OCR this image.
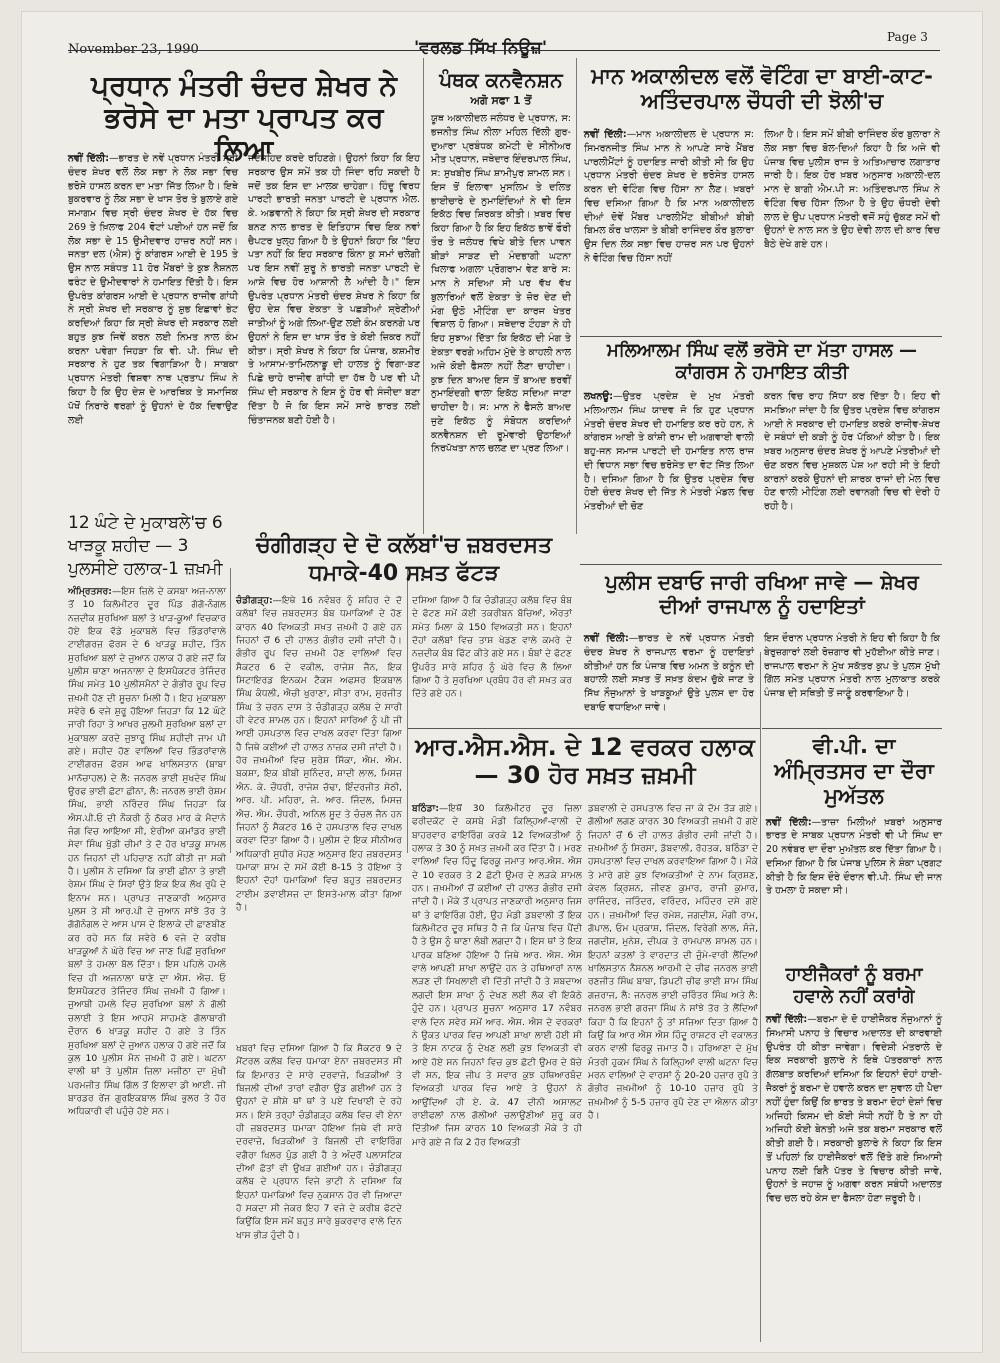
November 23, 1990	'ਵਰਲਡ ਸਿੱਖ ਨਿਊਜ਼'
Page 3
ਪ੍ਰਧਾਨ ਮੰਤਰੀ ਚੰਦਰ ਸ਼ੇਖਰ ਨੇ ਭਰੋਸੇ ਦਾ ਮਤਾ ਪ੍ਰਾਪਤ ਕਰ ਲਿਆ

ਨਵੀਂ ਦਿੱਲੀ:—ਭਾਰਤ ਦੇ ਨਵੇਂ ਪ੍ਰਧਾਨ ਮੰਤਰੀ ਸ੍ਰੀ ਚੰਦਰ ਸ਼ੇਖਰ ਵਲੋਂ ਲੋਕ ਸਭਾ ਨੇ ਲੋਕ ਸਭਾ ਵਿਚ ਭਰੋਸੇ ਹਾਸਲ ਕਰਨ ਦਾ ਮਤਾ ਜਿੱਤ ਲਿਆ ਹੈ। ਇਥੇ ਬੁਕਰਵਾਰ ਨੂੰ ਲੋਕ ਸਭਾ ਦੇ ਖਾਸ ਤੋਰ ਤੇ ਬੁਲਾਏ ਗਏ ਸਮਾਗਮ ਵਿਚ ਸ੍ਰੀ ਚੰਦਰ ਸ਼ੇਖਰ ਦੇ ਹੱਕ ਵਿਚ 269 ਤੇ ਖ਼ਿਲਾਫ 204 ਵੋਟਾਂ ਪਈਆਂ ਹਨ ਜਦੋਂ ਕਿ ਲੋਕ ਸਭਾ ਦੇ 15 ਉਮੀਦਵਾਰ ਹਾਜ਼ਰ ਨਹੀਂ ਸਨ। ਜਨਤਾ ਦਲ (ਐਸ) ਨੂੰ ਕਾਂਗਰਸ ਆਈ ਦੇ 195 ਤੇ ਉਸ ਨਾਲ ਸਬੰਧਤ 11 ਹੋਰ ਮੈਂਬਰਾਂ ਤੇ ਕੁਝ ਨੈਸ਼ਨਲ ਫਰੰਟ ਦੇ ਉਮੀਦਵਾਰਾਂ ਨੇ ਹਮਾਇਤ ਦਿੱਤੀ ਹੈ। ਇਸ ਉਪਰੰਤ ਕਾਂਗਰਸ ਆਈ ਦੇ ਪ੍ਰਧਾਨ ਰਾਜੀਵ ਗਾਂਧੀ ਨੇ ਸ੍ਰੀ ਸ਼ੇਖਰ ਦੀ ਸਰਕਾਰ ਨੂੰ ਸ਼ੁਭ ਇਛਾਵਾਂ ਭੇਟ ਕਰਦਿਆਂ ਕਿਹਾ ਕਿ ਸ੍ਰੀ ਸ਼ੇਖਰ ਦੀ ਸਰਕਾਰ ਲਈ ਬਹੁਤ ਕੁਝ ਜਿਵੇਂ ਕਰਨ ਲਈ ਨਿਮਤ ਨਾਲ ਕੰਮ ਕਰਨਾ ਪਵੇਗਾ ਜਿਹੜਾ ਕਿ ਵੀ. ਪੀ. ਸਿੰਘ ਦੀ ਸਰਕਾਰ ਨੇ ਹੁਣ ਤਕ ਵਿਗਾੜਿਆ ਹੈ। ਸਾਬਕਾ ਪ੍ਰਧਾਨ ਮੰਤਰੀ ਵਿਸ਼ਵਾ ਨਾਥ ਪ੍ਰਤਾਪ ਸਿੰਘ ਨੇ ਕਿਹਾ ਹੈ ਕਿ ਉਹ ਦੇਸ਼ ਦੇ ਆਰਥਿਕ ਤੇ ਸਮਾਜਿਕ ਪੱਖੋਂ ਨਿਰਾਰੇ ਵਰਗਾਂ ਨੂੰ ਉਹਨਾਂ ਦੇ ਹੱਕ ਦਿਵਾਉਣ ਲਈ

ਜਦੋਜਹਿਦ ਕਰਦੇ ਰਹਿਣਗੇ। ਉਹਨਾਂ ਕਿਹਾ ਕਿ ਇਹ ਸਰਕਾਰ ਉਸ ਸਮੇਂ ਤਕ ਹੀ ਜਿੰਦਾ ਰਹਿ ਸਕਦੀ ਹੈ ਜਦੋਂ ਤਕ ਇਸ ਦਾ ਮਾਲਕ ਚਾਹੇਗਾ। ਹਿੰਦੂ ਵਿਰਧ ਪਾਰਟੀ ਭਾਰਤੀ ਜਨਤਾ ਪਾਰਟੀ ਦੇ ਪ੍ਰਧਾਨ ਐਲ. ਕੇ. ਅਡਵਾਨੀ ਨੇ ਕਿਹਾ ਕਿ ਸ੍ਰੀ ਸ਼ੇਖਰ ਦੀ ਸਰਕਾਰ ਬਨਣ ਨਾਲ ਭਾਰਤ ਦੇ ਇਤਿਹਾਸ ਵਿਚ ਇਕ ਨਵਾਂ ਚੈਪਟਰ ਖੁਲ੍ਹ ਗਿਆ ਹੈ ਤੇ ਉਹਨਾਂ ਕਿਹਾ ਕਿ "ਇਹ ਪਤਾ ਨਹੀਂ ਕਿ ਇਹ ਸਰਕਾਰ ਕਿੰਨਾ ਕੁ ਸਮਾਂ ਚਲੇਗੀ ਪਰ ਇਸ ਨਵੀਂ ਸ਼ੁਰੂ ਨੇ ਭਾਰਤੀ ਜਨਤਾ ਪਾਰਟੀ ਦੇ ਆਸ਼ੇ ਵਿਚ ਹੋਰ ਆਸ਼ਾਨੀ ਲੈ ਆਂਦੀ ਹੈ।" ਇਸ ਉਪਰੰਤ ਪ੍ਰਧਾਨ ਮੰਤਰੀ ਚੰਦਰ ਸ਼ੇਖਰ ਨੇ ਕਿਹਾ ਕਿ ਉਹ ਦੇਸ਼ ਵਿਚ ਏਕਤਾ ਤੇ ਪਛੜੀਆਂ ਸ਼੍ਰੇਣੀਆਂ ਜਾਤੀਆਂ ਨੂੰ ਅਗੇ ਲਿਆ-ਉਣ ਲਈ ਕੰਮ ਕਰਨਗੇ ਪਰ ਉਹਨਾਂ ਨੇ ਇਸ ਦਾ ਖਾਸ ਤੌਰ ਤੇ ਕੋਈ ਜ਼ਿਕਰ ਨਹੀਂ ਕੀਤਾ। ਸ੍ਰੀ ਸ਼ੇਖਰ ਨੇ ਕਿਹਾ ਕਿ ਪੰਜਾਬ, ਕਸ਼ਮੀਰ ਤੇ ਆਸਾਮ-ਤਾਮਿਲਨਾਡੂ ਦੀ ਹਾਲਤ ਨੂੰ ਵਿਗਾ-ੜਣ ਪਿਛੇ ਚਾਹੇ ਰਾਜੀਵ ਗਾਂਧੀ ਦਾ ਹੱਥ ਹੈ ਪਰ ਵੀ ਪੀ ਸਿੰਘ ਦੀ ਸਰਕਾਰ ਨੇ ਇਸ ਨੂੰ ਹੋਰ ਵੀ ਸੰਜੀਦਾ ਬਣਾ ਦਿੱਤਾ ਹੈ ਜੋ ਕਿ ਇਸ ਸਮੇਂ ਸਾਰੇ ਭਾਰਤ ਲਈ ਚਿੰਤਾਜਨਕ ਬਣੀ ਹੋਈ ਹੈ।

ਪੰਥਕ ਕਨਵੈਨਸ਼ਨ
ਅਗੋ ਸਫਾ 1 ਤੋਂ

ਯੂਥ ਅਕਾਲੀਦਲ ਜਲੰਧਰ ਦੇ ਪ੍ਰਧਾਨ, ਸ: ਭਜਨੀਤ ਸਿੰਘ ਨੀਲਾ ਮਹਿਲ ਦਿੱਲੀ ਗੁਰ-ਦੁਆਰਾ ਪ੍ਰਬੰਧਕ ਕਮੇਟੀ ਦੇ ਸੀਨੀਅਰ ਮੀਤ ਪ੍ਰਧਾਨ, ਜਥੇਦਾਰ ਇੰਦਰਪਾਲ ਸਿੰਘ, ਸ: ਸੁਖਬੀਰ ਸਿੰਘ ਸ਼ਾਮੀਪੁਰ ਸ਼ਾਮਲ ਸਨ। ਇਸ ਤੋਂ ਇਲਾਵਾ ਮੁਸਲਿਮ ਤੇ ਦਲਿਤ ਭਾਈਚਾਰੇ ਦੇ ਨੁਮਾਇੰਦਿਆਂ ਨੇ ਵੀ ਇਸ ਇਕੱਠ ਵਿਚ ਸ਼ਿਰਕਤ ਕੀਤੀ। ਖ਼ਬਰ ਵਿਚ ਕਿਹਾ ਗਿਆ ਹੈ ਕਿ ਇਹ ਇਕੱਠ ਭਾਵੇਂ ਫੌਰੀ ਤੌਰ ਤੇ ਜਲੰਧਰ ਵਿਖੇ ਬੀਤੇ ਦਿਨ ਪਾਵਨ ਬੀੜਾਂ ਸਾੜਣ ਦੀ ਮੰਦਭਾਗੀ ਘਟਨਾ ਖਿਲਾਫ ਅਗਲਾ ਪ੍ਰੋਗਰਾਮ ਵੇਣ ਬਾਰੇ ਸ: ਮਾਨ ਨੇ ਸਦਿਆ ਸੀ ਪਰ ਵੱਖ ਵੱਖ ਬੁਲਾਰਿਆਂ ਵਲੋਂ ਏਕਤਾ ਤੇ ਜ਼ੋਰ ਦੇਣ ਦੀ ਮੰਗ ਉਠੋ ਮੀਟਿੰਗ ਦਾ ਕਾਰਜ ਖੇਤਰ ਵਿਸ਼ਾਲ ਹੋ ਗਿਆ। ਸਥੇਦਾਰ ਟੌਹੜਾ ਨੇ ਹੀ ਇਹ ਸੁਝਾਅ ਦਿੱਤਾ ਕਿ ਇਕੱਠ ਦੀ ਮੰਗ ਤੇ ਏਕਤਾ ਵਰਗੇ ਅਹਿਮ ਮੁੱਦੇ ਤੇ ਕਾਹਲੀ ਨਾਲ ਅਜੇ ਕੋਈ ਫੈਸਲਾ ਨਹੀਂ ਲੈਣਾ ਚਾਹੀਦਾ। ਕੁਝ ਦਿਨ ਬਾਅਦ ਇਸ ਤੋਂ ਬਾਅਦ ਭਰਵੀਂ ਨੁਮਾਇੰਦਗੀ ਵਾਲਾ ਇਕੱਠ ਸਦਿਆ ਜਾਣਾ ਚਾਹੀਦਾ ਹੈ। ਸ: ਮਾਨ ਨੇ ਫੈਸਲੇ ਬਾਅਦ ਜੁਣੇ ਇਕੱਠ ਨੂੰ ਸੰਬੋਧਨ ਕਰਦਿਆਂ ਕਨਵੈਨਸ਼ਨ ਦੀ ਰੂਮੇਵਾਰੀ ਉਠਾਇਆਂ ਨਿਰਪੱਖਤਾ ਨਾਲ ਚਲਣ ਦਾ ਪ੍ਰਣ ਲਿਆ।

ਮਾਨ ਅਕਾਲੀਦਲ ਵਲੋਂ ਵੋਟਿੰਗ ਦਾ ਬਾਈ-ਕਾਟ-ਅਤਿੰਦਰਪਾਲ ਚੌਧਰੀ ਦੀ ਝੋਲੀ'ਚ

ਨਵੀਂ ਦਿੱਲੀ:—ਮਾਨ ਅਕਾਲੀਦਲ ਦੇ ਪ੍ਰਧਾਨ ਸ: ਸਿਮਰਨਜੀਤ ਸਿੰਘ ਮਾਨ ਨੇ ਆਪਣੇ ਸਾਰੇ ਮੈਂਬਰ ਪਾਰਲੀਮੈਂਟਾਂ ਨੂੰ ਹਦਾਇਤ ਜਾਰੀ ਕੀਤੀ ਸੀ ਕਿ ਉਹ ਪ੍ਰਧਾਨ ਮੰਤਰੀ ਚੰਦਰ ਸ਼ੇਖਰ ਦੇ ਭਰੋਸੇਤ ਹਾਸਲ ਕਰਨ ਦੀ ਵੋਟਿੰਗ ਵਿਚ ਹਿੱਸਾ ਨਾ ਲੈਣ। ਖ਼ਬਰਾਂ ਵਿਚ ਦਸਿਆ ਗਿਆ ਹੈ ਕਿ ਮਾਨ ਅਕਾਲੀਦਲ ਦੀਆਂ ਦੋਵੇਂ ਮੈਂਬਰ ਪਾਰਲੀਮੈਂਟ ਬੀਬੀਆਂ ਬੀਬੀ ਬਿਮਲ ਕੌਰ ਖਾਲਸਾ ਤੇ ਬੀਬੀ ਰਾਜਿੰਦਰ ਕੌਰ ਬੁਲਾਰਾ ਉਸ ਦਿਨ ਲੋਕ ਸਭਾ ਵਿਚ ਹਾਜ਼ਰ ਸਨ ਪਰ ਉਹਨਾਂ ਨੇ ਵੋਟਿੰਗ ਵਿਚ ਹਿੱਸਾ ਨਹੀਂ

ਲਿਆ ਹੈ। ਇਸ ਸਮੇਂ ਬੀਬੀ ਰਾਜਿੰਦਰ ਕੌਰ ਬੁਲਾਰਾ ਨੇ ਲੋਕ ਸਭਾ ਵਿਚ ਬੋਲ-ਦਿਆਂ ਕਿਹਾ ਹੈ ਕਿ ਅਜੇ ਵੀ ਪੰਜਾਬ ਵਿਚ ਪੁਲੀਸ ਰਾਜ ਤੇ ਅਤਿਆਚਾਰ ਲਗਾਤਾਰ ਜਾਰੀ ਹੈ। ਇਕ ਹੋਰ ਖ਼ਬਰ ਅਨੁਸਾਰ ਅਕਾਲੀ-ਦਲ ਮਾਨ ਦੇ ਬਾਗੀ ਐਮ.ਪੀ ਸ: ਅਤਿੰਦਰਪਾਲ ਸਿੰਘ ਨੇ ਵੋਟਿੰਗ ਵਿਚ ਹਿੱਸਾ ਲਿਆ ਹੈ ਤੇ ਉਹ ਚੌਧਰੀ ਦੇਵੀ ਲਾਲ ਦੇ ਉਪ ਪ੍ਰਧਾਨ ਮੰਤਰੀ ਵਜੋਂ ਸਹੁੰ ਚੁੱਕਣ ਸਮੇਂ ਵੀ ਉਹਨਾਂ ਦੇ ਨਾਲ ਸਨ ਤੇ ਉਹ ਦੇਵੀ ਲਾਲ ਦੀ ਕਾਰ ਵਿਚ ਬੈਠੇ ਦੇਖੇ ਗਏ ਹਨ।

ਮਲਿਆਲਮ ਸਿੰਘ ਵਲੋਂ ਭਰੋਸੇ ਦਾ ਮੱਤਾ ਹਾਸਲ — ਕਾਂਗਰਸ ਨੇ ਹਮਾਇਤ ਕੀਤੀ

ਲਖਨਊ:—ਉਤਰ ਪ੍ਰਦੇਸ਼ ਦੇ ਮੁਖ ਮੰਤਰੀ ਮਲਿਆਲਮ ਸਿੰਘ ਯਾਦਵ ਜੋ ਕਿ ਹੁਣ ਪ੍ਰਧਾਨ ਮੰਤਰੀ ਚੰਦਰ ਸ਼ੇਖਰ ਦੀ ਹਮਾਇਤ ਕਰ ਰਹੇ ਹਨ, ਨੇ ਕਾਂਗਰਸ ਆਈ ਤੇ ਕਾਂਸ਼ੀ ਰਾਮ ਦੀ ਅਗਵਾਈ ਵਾਲੀ ਬਹੁ-ਜਨ ਸਮਾਜ ਪਾਰਟੀ ਦੀ ਹਮਾਇਤ ਨਾਲ ਰਾਜ ਦੀ ਵਿਧਾਨ ਸਭਾ ਵਿਚ ਭਰੋਸੇਤ ਦਾ ਵੋਟ ਜਿੱਤ ਲਿਆ ਹੈ। ਦਸਿਆ ਗਿਆ ਹੈ ਕਿ ਉਤਰ ਪ੍ਰਦੇਸ਼ ਵਿਚ ਹੋਈ ਚੰਦਰ ਸ਼ੇਖਰ ਦੀ ਜਿੱਤ ਨੇ ਮੰਤਰੀ ਮੰਡਲ ਵਿਚ ਮੰਤਰੀਆਂ ਦੀ ਚੋਣ

ਕਰਨ ਵਿਚ ਰਾਹ ਸਿੱਧਾ ਕਰ ਦਿੱਤਾ ਹੈ। ਇਹ ਵੀ ਸਮਝਿਆ ਜਾਂਦਾ ਹੈ ਕਿ ਉਤਰ ਪ੍ਰਦੇਸ਼ ਵਿਚ ਕਾਂਗਰਸ ਆਈ ਨੇ ਸਰਕਾਰ ਦੀ ਹਮਾਇਤ ਕਰਕੇ ਰਾਜੀਵ-ਸ਼ੇਖਰ ਦੇ ਸਬੰਧਾਂ ਦੀ ਕੜੀ ਨੂੰ ਹੋਰ ਪੱਕਿਆਂ ਕੀਤਾ ਹੈ। ਇਕ ਖ਼ਬਰ ਅਨੁਸਾਰ ਚੰਦਰ ਸ਼ੇਖਰ ਨੂੰ ਆਪਣੇ ਮੰਤਰੀਆਂ ਦੀ ਚੋਣ ਕਰਨ ਵਿਚ ਮੁਸ਼ਕਲ ਪੇਸ਼ ਆ ਰਹੀ ਸੀ ਤੇ ਇਹੀ ਕਾਰਨਾਂ ਕਰਕੇ ਉਹਨਾਂ ਦੀ ਸ਼ਾਰਕ ਰਾਜਾਂ ਦੀ ਮੇਲ ਵਿਚ ਹੋਣ ਵਾਲੀ ਮੀਟਿੰਗ ਲਈ ਰਵਾਨਗੀ ਵਿਚ ਵੀ ਦੇਰੀ ਹੋ ਰਹੀ ਹੈ।

ਪੁਲੀਸ ਦਬਾਓ ਜਾਰੀ ਰਖਿਆ ਜਾਵੇ — ਸ਼ੇਖਰ ਦੀਆਂ ਰਾਜਪਾਲ ਨੂੰ ਹਦਾਇਤਾਂ

ਨਵੀਂ ਦਿੱਲੀ:—ਭਾਰਤ ਦੇ ਨਵੇਂ ਪ੍ਰਧਾਨ ਮੰਤਰੀ ਚੰਦਰ ਸ਼ੇਖਰ ਨੇ ਰਾਜਪਾਲ ਵਰਮਾ ਨੂੰ ਹਦਾਇਤਾਂ ਕੀਤੀਆਂ ਹਨ ਕਿ ਪੰਜਾਬ ਵਿਚ ਅਮਨ ਤੇ ਕਨੂੰਨ ਦੀ ਬਹਾਲੀ ਲਈ ਸਖ਼ਤ ਤੋਂ ਸਖ਼ਤ ਕੰਦਮ ਚੁੱਕੇ ਜਾਣ ਤੇ ਸਿੱਖ ਨੌਜੁਆਨਾਂ ਤੇ ਖਾੜਕੂਆਂ ਉਤੇ ਪੁਲਸ ਦਾ ਹੋਰ ਦਬਾਓ ਵਧਾਇਆ ਜਾਵੇ।

ਇਸ ਦੌਰਾਨ ਪ੍ਰਧਾਨ ਮੰਤਰੀ ਨੇ ਇਹ ਵੀ ਕਿਹਾ ਹੈ ਕਿ ਬੇਰੁਜ਼ਗਾਰਾਂ ਲਈ ਰੋਜ਼ਗਾਰ ਵੀ ਮੁਹੱਈਆ ਕੀਤੇ ਜਾਣ। ਰਾਜਪਾਲ ਵਰਮਾ ਨੇ ਮੁੱਖ ਸਕੱਤਰ ਕੁਪ ਤੇ ਪੁਲਸ ਮੁੱਖੀ ਗਿੱਲ ਸਮੇਤ ਪ੍ਰਧਾਨ ਮੰਤਰੀ ਨਾਲ ਮੁਲਾਕਾਤ ਕਰਕੇ ਪੰਜਾਬ ਦੀ ਸਥਿਤੀ ਤੋਂ ਜਾਣੂੰ ਕਰਵਾਇਆ ਹੈ।

12 ਘੰਟੇ ਦੇ ਮੁਕਾਬਲੇ'ਚ 6 ਖਾੜਕੂ ਸ਼ਹੀਦ — 3 ਪੁਲਸੀਏ ਹਲਾਕ-1 ਜ਼ਖ਼ਮੀ

ਅੰਮ੍ਰਿਤਸਰ:—ਇਸ ਜ਼ਿਲੇ ਦੇ ਕਸਬਾ ਅਜ-ਨਾਲਾ ਤੋਂ 10 ਕਿਲੋਮੀਟਰ ਦੂਰ ਪਿੰਡ ਗੱਗੋ-ਨੰਗਲ ਨਜ਼ਦੀਕ ਸੁਰਖਿਆ ਬਲਾਂ ਤੇ ਖਾੜ-ਕੂਆਂ ਵਿਚਕਾਰ ਹੋਏ ਇਕ ਵੱਡੇ ਮੁਕਾਬਲੇ ਵਿਚ ਭਿੰਡਰਾਂਵਾਲੇ ਟਾਈਗਰਜ਼ ਫੋਰਸ ਦੇ 6 ਖਾੜਕੂ ਸ਼ਹੀਦ, ਤਿੰਨ ਸੁਰਖਿਆ ਬਲਾਂ ਦੇ ਜੁਆਨ ਹਲਾਕ ਹੋ ਗਏ ਜਦੋਂ ਕਿ ਪੁਲੀਸ ਥਾਣਾ ਅਜਨਾਲਾ ਦੇ ਇਸਪੈਕਟਰ ਤੇਜਿੰਦਰ ਸਿੰਘ ਸਮੇਤ 10 ਪੁਲੀਸਮੈਨਾਂ ਦੇ ਗੰਭੀਰ ਰੂਪ ਵਿਚ ਜ਼ਖ਼ਮੀ ਹੋਣ ਦੀ ਸੂਚਨਾ ਮਿਲੀ ਹੈ। ਇਹ ਮੁਕਾਬਲਾ ਸਵੇਰੇ 6 ਵਜੇ ਸ਼ੁਰੂ ਹੋਇਆ ਜਿਹੜਾ ਕਿ 12 ਘੰਟੇ ਜਾਰੀ ਰਿਹਾ ਤੇ ਆਖਰ ਜ਼ੁਲਮੀ ਸੁਰਖਿਆ ਬਲਾਂ ਦਾ ਮੁਕਾਬਲਾ ਕਰਦੇ ਜੁਝਾਰੂ ਸਿੰਘ ਸ਼ਹੀਦੀ ਜਾਮ ਪੀ ਗਏ। ਸ਼ਹੀਦ ਹੋਣ ਵਾਲਿਆਂ ਵਿਚ ਭਿੰਡਰਾਂਵਾਲੇ ਟਾਈਗਰਜ਼ ਫੋਰਸ ਆਫ ਖਾਲਿਸਤਾਨ (ਬਾਬਾ ਮਾਨੋਚਾਹਲ) ਦੇ ਲੈ: ਜਨਰਲ ਭਾਈ ਸੁਖਦੇਵ ਸਿੰਘ ਉਰਫ ਭਾਈ ਛੋਟਾ ਛੀਨਾ, ਲੈ: ਜਨਰਲ ਭਾਈ ਰੇਸ਼ਮ ਸਿੰਘ, ਭਾਈ ਨਰਿੰਦਰ ਸਿੰਘ ਜਿਹੜਾ ਕਿ ਐਸ.ਪੀ.ਓ ਦੀ ਨੌਕਰੀ ਨੂੰ ਠੋਕਰ ਮਾਰ ਕੇ ਮੈਦਾਨੇ ਜੰਗ ਵਿਚ ਆਇਆ ਸੀ, ਏਰੀਆ ਕਮਾਂਡਰ ਭਾਈ ਸੇਵਾ ਸਿੰਘ ਖੁੱਡੀ ਚੀਮਾਂ ਤੇ ਦੋ ਹੋਰ ਖਾੜਕੂ ਸ਼ਾਮਲ ਹਨ ਜਿਹਨਾਂ ਦੀ ਪਹਿਚਾਣ ਨਹੀਂ ਕੀਤੀ ਜਾ ਸਕੀ ਹੈ। ਪੁਲੀਸ ਨੇ ਦਸਿਆ ਕਿ ਭਾਈ ਛੀਨਾ ਤੇ ਭਾਈ ਰੇਸ਼ਮ ਸਿੰਘ ਦੇ ਸਿਰਾਂ ਉਤੇ ਇਕ ਇਕ ਲੱਖ ਰੁਪੈ ਦੇ ਇਨਾਮ ਸਨ। ਪ੍ਰਾਪਤ ਜਾਣਕਾਰੀ ਅਨੁਸਾਰ ਪੁਲਸ ਤੇ ਸੀ ਆਰ.ਪੀ ਦੇ ਜੁਆਨ ਸਾਂਝੇ ਤੋਰ ਤੇ ਗੱਗੋਨੰਗਲ ਦੇ ਆਸ ਪਾਸ ਦੇ ਇਲਾਕੇ ਦੀ ਛਾਣਬੀਣ ਕਰ ਰਹੇ ਸਨ ਕਿ ਸਵੇਰੇ 6 ਵਜੇ ਦੇ ਕਰੀਬ ਖਾੜਕੂਆਂ ਨੇ ਘੇਰੇ ਵਿਚ ਆ ਜਾਣ ਪਿਛੋਂ ਸੁਰਖਿਆ ਬਲਾਂ ਤੇ ਹਮਲਾ ਬੋਲ ਦਿੱਤਾ। ਇਸ ਪਹਿਲੇ ਹਮਲੇ ਵਿਚ ਹੀ ਅਜਨਾਲਾ ਥਾਣੇ ਦਾ ਐਸ. ਐਚ. ਓ ਇਸਪੈਕਟਰ ਤੇਜਿੰਦਰ ਸਿੰਘ ਜ਼ਖ਼ਮੀ ਹੋ ਗਿਆ। ਜੁਆਬੀ ਹਮਲੇ ਵਿਚ ਸੁਰਖਿਆ ਬਲਾਂ ਨੇ ਗੋਲੀ ਚਲਾਈ ਤੇ ਇਸ ਆਹਮੋ ਸਾਹਮਣੇ ਗੋਲਾਬਾਰੀ ਦੌਰਾਨ 6 ਖਾੜਕੂ ਸ਼ਹੀਦ ਹੋ ਗਏ ਤੇ ਤਿੰਨ ਸੁਰਖਿਆ ਬਲਾਂ ਦੇ ਜੁਆਨ ਹਲਾਕ ਹੋ ਗਏ ਜਦੋਂ ਕਿ ਕੁਲ 10 ਪੁਲੀਸ ਮੈਨ ਜ਼ਖ਼ਮੀ ਹੋ ਗਏ। ਘਟਨਾ ਵਾਲੀ ਥਾਂ ਤੇ ਪੁਲੀਸ ਜ਼ਿਲਾ ਮਜੀਠਾ ਦਾ ਮੁੱਖੀ ਪਰਮਜੀਤ ਸਿੰਘ ਗਿੱਲ ਤੋਂ ਇਲਾਵਾ ਡੀ ਆਈ. ਜੀ ਬਾਰਡਰ ਰੇਂਜ ਗੁਰਇਕਬਾਲ ਸਿੰਘ ਭੁਲਰ ਤੇ ਹੋਰ ਅਧਿਕਾਰੀ ਵੀ ਪਹੁੰਚੇ ਹੋਏ ਸਨ।

ਚੰਗੀਗੜ੍ਹ ਦੇ ਦੋ ਕਲੱਬਾਂ'ਚ ਜ਼ਬਰਦਸਤ ਧਮਾਕੇ-40 ਸਖ਼ਤ ਫੱਟੜ

ਚੰਡੀਗੜ੍ਹ:—ਇਥੇ 16 ਨਵੰਬਰ ਨੂੰ ਸ਼ਹਿਰ ਦੇ ਦੋ ਕਲੱਬਾਂ ਵਿਚ ਜ਼ਬਰਦਸਤ ਬੰਬ ਧਮਾਕਿਆਂ ਦੇ ਹੋਣ ਕਾਰਨ 40 ਵਿਅਕਤੀ ਸਖ਼ਤ ਜ਼ਖ਼ਮੀ ਹੋ ਗਏ ਹਨ ਜਿਹਨਾਂ ਚੋਂ 6 ਦੀ ਹਾਲਤ ਗੰਭੀਰ ਦਸੀ ਜਾਂਦੀ ਹੈ। ਗੰਭੀਰ ਰੂਪ ਵਿਚ ਜ਼ਖ਼ਮੀ ਹੋਣ ਵਾਲਿਆਂ ਵਿਚ ਸੈਕਟਰ 6 ਦੇ ਵਕੀਲ, ਰਾਜੇਸ਼ ਜੈਨ, ਇਕ ਸਿਟਾਇਰਡ ਇਨਕਮ ਟੈਕਸ ਅਫਸਰ ਇਕਬਾਲ ਸਿੰਘ ਕੰਧਲੀ, ਐਚੀ ਖੁਰਾਣਾ, ਸੀਤਾ ਰਾਮ, ਸੁਰਜੀਤ ਸਿੰਘ ਤੇ ਚਰਨ ਦਾਸ ਤੇ ਚੰਡੀਗੜ੍ਹ ਕਲੱਬ ਦੇ ਸਾਰੀ ਹੀ ਵੇਟਰ ਸ਼ਾਮਲ ਹਨ। ਇਹਨਾਂ ਸਾਰਿਆਂ ਨੂੰ ਪੀ ਜੀ ਆਈ ਹਸਪਤਾਲ ਵਿਚ ਦਾਖਲ ਕਰਵਾ ਦਿੱਤਾ ਗਿਆ ਹੈ ਜਿਥੇ ਕਈਆਂ ਦੀ ਹਾਲਤ ਨਾਜ਼ਕ ਦਸੀ ਜਾਂਦੀ ਹੈ। ਹੋਰ ਜ਼ਖ਼ਮੀਆਂ ਵਿਚ ਸੁਰੇਸ਼ ਸਿੱਕਾ, ਐਮ. ਐਮ. ਬਕਸ਼ਾ, ਇਕ ਬੀਬੀ ਸੁਨਿੰਦਰ, ਸ਼ਾਦੀ ਲਾਲ, ਮਿਸਜ਼ ਐਨ. ਕੇ. ਚੌਧਰੀ, ਰਾਜੇਸ਼ ਚੱਢਾ, ਇੰਦਰਜੀਤ ਸੇਠੀ, ਆਰ. ਪੀ. ਮਹਿਰਾ, ਜੇ. ਆਰ. ਜਿੰਦਲ, ਮਿਸਜ਼ ਐਚ. ਐਮ. ਚੌਧਰੀ, ਅਨਿਲ ਸੂਦ ਤੇ ਚੰਚਲ ਜੈਨ ਹਨ ਜਿਹਨਾਂ ਨੂੰ ਸੈਕਟਰ 16 ਦੇ ਹਸਪਤਾਲ ਵਿਚ ਦਾਖਲ ਕਰਵਾ ਦਿੱਤਾ ਗਿਆ ਹੈ। ਪੁਲੀਸ ਦੇ ਇਕ ਸੀਨੀਅਰ ਅਧਿਕਾਰੀ ਸੁਧੀਰ ਮੋਹਣ ਅਨੁਸਾਰ ਇਹ ਜ਼ਬਰਦਸਤ ਧਮਾਕਾ ਸ਼ਾਮ ਦੇ ਸਮੇਂ ਕੋਈ 8-15 ਤੇ ਹੋਇਆ ਤੇ ਇਹਨਾਂ ਦੋਹਾਂ ਧਮਾਕਿਆਂ ਵਿਚ ਬਹੁਤ ਜ਼ਬਰਦਸਤ ਟਾਈਮ ਡਵਾਈਸਜ਼ ਦਾ ਇਸਤੇ-ਮਾਲ ਕੀਤਾ ਗਿਆ ਹੈ।

ਖਬਰਾਂ ਵਿਚ ਦਸਿਆ ਗਿਆ ਹੈ ਕਿ ਸੈਕਟਰ 9 ਦੇ ਮੈਂਟਰਲ ਕਲੱਬ ਵਿਚ ਧਮਾਕਾ ਏਨਾ ਜ਼ਬਰਦਸਤ ਸੀ ਕਿ ਇਮਾਰਤ ਦੇ ਸਾਰੇ ਦਰਵਾਜ਼ੇ, ਖਿੜਕੀਆਂ ਤੇ ਬਿਜਲੀ ਦੀਆਂ ਤਾਰਾਂ ਵਗੈਰਾ ਉਡ ਗਈਆਂ ਹਨ ਤੇ ਉਹਨਾਂ ਦੇ ਸ਼ੀਸ਼ੇ ਥਾਂ ਥਾਂ ਤੇ ਪਏ ਦਿਖਾਈ ਦੇ ਰਹੇ ਸਨ। ਇਸੇ ਤਰ੍ਹਾਂ ਚੰਡੀਗੜ੍ਹ ਕਲੱਬ ਵਿਚ ਵੀ ਏਨਾ ਹੀ ਜ਼ਬਰਦਸਤ ਧਮਾਕਾ ਹੋਇਆ ਜਿਥੇ ਵੀ ਸਾਰੇ ਦਰਵਾਜ਼ੇ, ਖਿੜਕੀਆਂ ਤੇ ਬਿਜਲੀ ਦੀ ਵਾਇਰਿੰਗ ਵਗੈਰਾ ਖਿਲਰ ਪੁੰਡ ਗਈ ਹੈ ਤੇ ਅੰਦਰੋਂ ਪਲਾਸਟਿਕ ਦੀਆਂ ਛੱਤਾਂ ਵੀ ਉਖੜ ਗਈਆਂ ਹਨ। ਚੰਡੀਗੜ੍ਹ ਕਲੱਬ ਦੇ ਪ੍ਰਧਾਨ ਵਿਜੇ ਭਾਟੀ ਨੇ ਦਸਿਆ ਕਿ ਇਹਨਾਂ ਧਮਾਕਿਆਂ ਵਿਚ ਨੁਕਸਾਨ ਹੋਰ ਵੀ ਜ਼ਿਆਦਾ ਹੋ ਸਕਦਾ ਸੀ ਜੇਕਰ ਇਹ 7 ਵਜੇ ਦੇ ਕਰੀਬ ਫੱਟਦੇ ਕਿਉਂਕਿ ਇਸ ਸਮੇਂ ਬਹੁਤ ਸਾਰੇ ਬੁਕਰਵਾਰ ਵਾਲੇ ਦਿਨ ਖਾਸ ਭੀੜ ਹੁੰਦੀ ਹੈ।

ਦਸਿਆ ਗਿਆ ਹੈ ਕਿ ਚੰਡੀਗੜ੍ਹ ਕਲੱਬ ਵਿਚ ਬੰਬ ਦੇ ਫੱਟਣ ਸਮੇਂ ਕੋਈ ਤਕਰੀਬਨ ਬੱਚਿਆਂ, ਔਰਤਾਂ ਸਮੇਤ ਮਿਲਾ ਕੇ 150 ਵਿਅਕਤੀ ਸਨ। ਇਹਨਾਂ ਦੋਹਾਂ ਕਲੱਬਾਂ ਵਿਚ ਤਾਸ਼ ਖੇਡਣ ਵਾਲੇ ਕਮਰੇ ਦੇ ਨਜ਼ਦੀਕ ਬੰਬ ਫਿੱਟ ਕੀਤੇ ਗਏ ਸਨ। ਬੰਬਾਂ ਦੇ ਫੱਟਣ ਉਪਰੰਤ ਸਾਰੇ ਸ਼ਹਿਰ ਨੂੰ ਘੇਰੇ ਵਿਚ ਲੈ ਲਿਆ ਗਿਆ ਹੈ ਤੇ ਸੁਰਖਿਆ ਪ੍ਰਬੰਧ ਹੋਰ ਵੀ ਸਖ਼ਤ ਕਰ ਦਿੱਤੇ ਗਏ ਹਨ।

ਆਰ.ਐਸ.ਐਸ. ਦੇ 12 ਵਰਕਰ ਹਲਾਕ — 30 ਹੋਰ ਸਖ਼ਤ ਜ਼ਖ਼ਮੀ

ਬਠਿੰਡਾ:—ਇਥੋਂ 30 ਕਿਲੋਮੀਟਰ ਦੂਰ ਜ਼ਿਲਾ ਫਰੀਦਕੋਟ ਦੇ ਕਸਬੇ ਮੰਡੀ ਕਿਲ੍ਹਿਆਂ-ਵਾਲੀ ਦੇ ਬਾਹਰਵਾਰ ਫਾਇਰਿੰਗ ਕਰਕੇ 12 ਵਿਅਕਤੀਆਂ ਨੂੰ ਹਲਾਕ ਤੇ 30 ਨੂੰ ਸਖ਼ਤ ਜ਼ਖ਼ਮੀ ਕਰ ਦਿੱਤਾ ਹੈ। ਮਰਣ ਵਾਲਿਆਂ ਵਿਚ ਹਿੰਦੂ ਫਿਰਕੂ ਜਮਾਤ ਆਰ.ਐਸ. ਐਸ ਦੇ 10 ਵਰਕਰ ਤੇ 2 ਛੋਟੀ ਉਮਰ ਦੇ ਲੜਕੇ ਸ਼ਾਮਲ ਹਨ। ਜ਼ਖ਼ਮੀਆਂ ਚੋਂ ਕਈਆਂ ਦੀ ਹਾਲਤ ਗੰਭੀਰ ਦਸੀ ਜਾਂਦੀ ਹੈ। ਮੌਕੇ ਤੋਂ ਪ੍ਰਾਪਤ ਜਾਣਕਾਰੀ ਅਨੁਸਾਰ ਜਿਸ ਥਾਂ ਤੇ ਫਾਇਰਿੰਗ ਹੋਈ, ਉਹ ਮੰਡੀ ਡਬਵਾਲੀ ਤੋਂ ਇਕ ਕਿਲੋਮੀਟਰ ਦੂਰ ਸਥਿਤ ਹੈ ਜੋ ਕਿ ਪੰਜਾਬ ਵਿਚ ਪੈਂਦੀ ਹੈ ਤੇ ਉਸ ਨੂੰ ਥਾਣਾ ਲੰਬੀ ਲਗਦਾ ਹੈ। ਇਸ ਥਾਂ ਤੇ ਇਕ ਪਾਰਕ ਬਣਿਆ ਹੋਇਆ ਹੈ ਜਿਥੇ ਆਰ. ਐਸ. ਐਸ ਵਾਲੇ ਆਪਣੀ ਸ਼ਾਖਾ ਲਾਉਂਦੇ ਹਨ ਤੇ ਹਥਿਆਰਾਂ ਨਾਲ ਲੜਣ ਦੀ ਸਿਖਲਾਈ ਵੀ ਦਿੱਤੀ ਜਾਂਦੀ ਹੈ ਤੇ ਸ਼ਬਦਾਅ ਲਗਦੀ ਇਸ ਸ਼ਾਖਾ ਨੂੰ ਦੇਖਣ ਲਈ ਲੋਕ ਵੀ ਇਕੱਠੇ ਹੁੰਦੇ ਹਨ। ਪ੍ਰਾਪਤ ਸੂਚਨਾ ਅਨੁਸਾਰ 17 ਨਵੰਬਰ ਵਾਲੇ ਦਿਨ ਸਵੇਰ ਸਮੇਂ ਆਰ. ਐਸ. ਐਸ ਦੇ ਵਰਕਰਾਂ ਨੇ ਉਕਤ ਪਾਰਕ ਵਿਚ ਆਪਣੀ ਸ਼ਾਖਾ ਲਾਈ ਹੋਈ ਸੀ ਤੇ ਇਸ ਨਾਟਕ ਨੂੰ ਦੇਖਣ ਲਈ ਕੁਝ ਵਿਅਕਤੀ ਵੀ ਆਏ ਹੋਏ ਸਨ ਜਿਹਨਾਂ ਵਿਚ ਕੁਝ ਛੋਟੀ ਉਮਰ ਦੇ ਬੱਚੇ ਵੀ ਸਨ, ਇਕ ਜੀਪ ਤੇ ਸਵਾਰ ਕੁਝ ਹਥਿਆਰਬੰਦ ਵਿਅਕਤੀ ਪਾਰਕ ਵਿਚ ਆਏ ਤੇ ਉਹਨਾਂ ਨੇ ਆਉਂਦਿਆਂ ਹੀ ਏ. ਕੇ. 47 ਦੀਨੀ ਅਸਾਲਟ ਰਾਈਫਲਾਂ ਨਾਲ ਗੋਲੀਆਂ ਚਲਾਉਣੀਆਂ ਸ਼ੁਰੂ ਕਰ ਦਿੱਤੀਆਂ ਜਿਸ ਕਾਰਨ 10 ਵਿਅਕਤੀ ਮੌਕੇ ਤੇ ਹੀ ਮਾਰੇ ਗਏ ਜੋ ਕਿ 2 ਹੋਰ ਵਿਅਕਤੀ

ਡਬਵਾਲੀ ਦੇ ਹਸਪਤਾਲ ਵਿਚ ਜਾ ਕੇ ਦੱਮ ਤੋੜ ਗਏ। ਗੋਲੀਆਂ ਲਗਣ ਕਾਰਨ 30 ਵਿਅਕਤੀ ਜ਼ਖ਼ਮੀ ਹੋ ਗਏ ਜਿਹਨਾਂ ਚੋਂ 6 ਦੀ ਹਾਲਤ ਗੰਭੀਰ ਦਸੀ ਜਾਂਦੀ ਹੈ। ਜ਼ਖ਼ਮੀਆਂ ਨੂੰ ਸਿਰਸਾ, ਡੱਬਵਾਲੀ, ਰੋਹਤਕ, ਬਠਿੰਡਾ ਦੇ ਹਸਪਤਾਲਾਂ ਵਿਚ ਦਾਖਲ ਕਰਵਾਇਆ ਗਿਆ ਹੈ। ਮੌਕੇ ਤੇ ਮਾਰੇ ਗਏ ਕੁਝ ਵਿਅਕਤੀਆਂ ਦੇ ਨਾਮ ਕ੍ਰਿਸ਼ਣ, ਕੇਵਲ ਕ੍ਰਿਸ਼ਨ, ਜੀਵਣ ਕੁਮਾਰ, ਰਾਜੀ ਕੁਮਾਰ, ਰਾਜਿੰਦਰ, ਜਤਿੰਦਰ, ਵਰਿੰਦਰ, ਮਹਿੰਦਰ ਦਸੇ ਗਏ ਹਨ। ਜ਼ਖ਼ਮੀਆਂ ਵਿਚ ਰਮੇਸ਼, ਜਗਦੀਸ਼, ਮੰਗੀ ਰਾਮ, ਗੋਪਾਲ, ਓਮ ਪ੍ਰਕਾਸ਼, ਜਿੰਦਲ, ਵਿਰੇਗੀ ਲਾਲ, ਸੰਜੇ, ਜਗਦੀਸ਼, ਮੁਨੇਸ਼, ਦੀਪਕ ਤੇ ਰਾਮਪਾਲ ਸ਼ਾਮਲ ਹਨ। ਇਹਨਾਂ ਕਤਲਾਂ ਤੇ ਵਾਰਦਾਤ ਦੀ ਜ਼ੁੰਮੇ-ਵਾਰੀ ਲੈਂਦਿਆਂ ਖਾਲਿਸਤਾਨ ਨੈਸ਼ਨਲ ਆਰਮੀ ਦੇ ਚੀਫ ਜਨਰਲ ਭਾਈ ਰਣਜੀਤ ਸਿੰਘ ਬਾਬਾ, ਡਿਪਟੀ ਚੀਫ ਭਾਈ ਸ਼ਾਮ ਸਿੰਘ ਗਜ਼ਰਾਜ, ਲੈ: ਜਨਰਲ ਭਾਈ ਚਰਿੰਤਰ ਸਿੰਘ ਅਤੇ ਲੈ: ਜਨਰਲ ਭਾਈ ਗਰਜਾ ਸਿੰਘ ਨੇ ਸਾਂਝੇ ਤੋਰ ਤੇ ਲੈਂਦਿਆਂ ਕਿਹਾ ਹੈ ਕਿ ਇਹਨਾਂ ਨੂੰ ਤਾਂ ਸਜ਼ਿਆ ਦਿਤਾ ਗਿਆ ਹੈ ਕਿਉਂ ਕਿ ਆਰ ਐਸ ਐਸ ਹਿੰਦੂ ਰਾਸ਼ਟਰ ਦੀ ਵਕਾਲਤ ਕਰਨ ਵਾਲੀ ਫਿਰਕੂ ਜਮਾਤ ਹੈ। ਹਰਿਆਣਾ ਦੇ ਮੁੱਖ ਮੰਤਰੀ ਹੁਕਮ ਸਿੰਘ ਨੇ ਕਿਲ੍ਹਿਆਂ ਵਾਲੀ ਘਟਨਾ ਵਿਚ ਮਰਨ ਵਾਲਿਆਂ ਦੇ ਵਾਰਸਾਂ ਨੂੰ 20-20 ਹਜ਼ਾਰ ਰੁਪੈ ਤੇ ਗੰਭੀਰ ਜ਼ਖ਼ਮੀਆਂ ਨੂੰ 10-10 ਹਜ਼ਾਰ ਰੁਪੈ ਤੇ ਜ਼ਖ਼ਮੀਆਂ ਨੂੰ 5-5 ਹਜ਼ਾਰ ਰੁਪੈ ਦੇਣ ਦਾ ਐਲਾਨ ਕੀਤਾ ਹੈ।

ਵੀ.ਪੀ. ਦਾ ਅੰਮ੍ਰਿਤਸਰ ਦਾ ਦੌਰਾ ਮੁਅੱਤਲ

ਨਵੀਂ ਦਿੱਲੀ:—ਤਾਜ਼ਾ ਮਿਲੀਆਂ ਖ਼ਬਰਾਂ ਅਨੁਸਾਰ ਭਾਰਤ ਦੇ ਸਾਬਕ ਪ੍ਰਧਾਨ ਮੰਤਰੀ ਵੀ ਪੀ ਸਿੰਘ ਦਾ 20 ਨਵੰਬਰ ਦਾ ਦੌਰਾ ਮੁਅੱਤਲ ਕਰ ਦਿੱਤਾ ਗਿਆ ਹੈ। ਦਸਿਆ ਗਿਆ ਹੈ ਕਿ ਪੰਜਾਬ ਪੁਲਿਸ ਨੇ ਸ਼ੰਕਾ ਪ੍ਰਗਟ ਕੀਤੀ ਹੈ ਕਿ ਇਸ ਦੌਰੇ ਦੌਰਾਨ ਵੀ.ਪੀ. ਸਿੰਘ ਦੀ ਜਾਨ ਤੇ ਹਮਲਾ ਹੋ ਸਕਦਾ ਸੀ।

ਹਾਈਜੈਕਰਾਂ ਨੂੰ ਬਰਮਾ ਹਵਾਲੇ ਨਹੀਂ ਕਰਾਂਗੇ

ਨਵੀਂ ਦਿੱਲੀ:—ਬਰਮਾ ਦੇ ਦੋ ਹਾਈਜੈਕਰ ਨੌਜੁਆਨਾਂ ਨੂੰ ਸਿਆਸੀ ਪਨਾਹ ਤੇ ਵਿਚਾਰ ਅਦਾਲਤ ਦੀ ਕਾਰਵਾਈ ਉਪਰੰਤ ਹੀ ਕੀਤਾ ਜਾਵੇਗਾ। ਵਿਦੇਸ਼ੀ ਮੰਤਰਾਲੇ ਦੇ ਇਕ ਸਰਕਾਰੀ ਬੁਲਾਰੇ ਨੇ ਇਥੇ ਪੱਤਰਕਾਰਾਂ ਨਾਲ ਗੱਲਬਾਤ ਕਰਦਿਆਂ ਦਸਿਆ ਕਿ ਇਹਨਾਂ ਦੋਹਾਂ ਹਾਈ-ਜੈਕਰਾਂ ਨੂੰ ਬਰਮਾ ਦੇ ਹਵਾਲੇ ਕਰਨ ਦਾ ਸੁਵਾਲ ਹੀ ਪੈਦਾ ਨਹੀਂ ਹੁੰਦਾ ਕਿਉਂ ਕਿ ਭਾਰਤ ਤੇ ਬਰਮਾ ਦੋਹਾਂ ਦੇਸ਼ਾਂ ਵਿਚ ਅਜਿਹੀ ਕਿਸਮ ਦੀ ਕੋਈ ਸੰਧੀ ਨਹੀਂ ਹੈ ਤੇ ਨਾ ਹੀ ਅਜਿਹੀ ਕੋਈ ਬੇਨਤੀ ਅਜੇ ਤਕ ਬਰਮਾ ਸਰਕਾਰ ਵਲੋਂ ਕੀਤੀ ਗਈ ਹੈ। ਸਰਕਾਰੀ ਬੁਲਾਰੇ ਨੇ ਕਿਹਾ ਕਿ ਇਸ ਤੋਂ ਪਹਿਲਾਂ ਕਿ ਹਾਈਜੈਕਰਾਂ ਵਲੋਂ ਦਿੱਤੇ ਗਏ ਸਿਆਸੀ ਪਨਾਹ ਲਈ ਬਿਨੈ ਪੱਤਰ ਤੇ ਵਿਚਾਰ ਕੀਤੀ ਜਾਵੇ, ਉਹਨਾਂ ਤੇ ਜਹਾਜ਼ ਨੂੰ ਅਗਵਾ ਕਰਨ ਸਬੰਧੀ ਅਦਾਲਤ ਵਿਚ ਚਲ ਰਹੇ ਕੇਸ ਦਾ ਫੈਸਲਾ ਹੋਣਾ ਜ਼ਰੂਰੀ ਹੈ।
